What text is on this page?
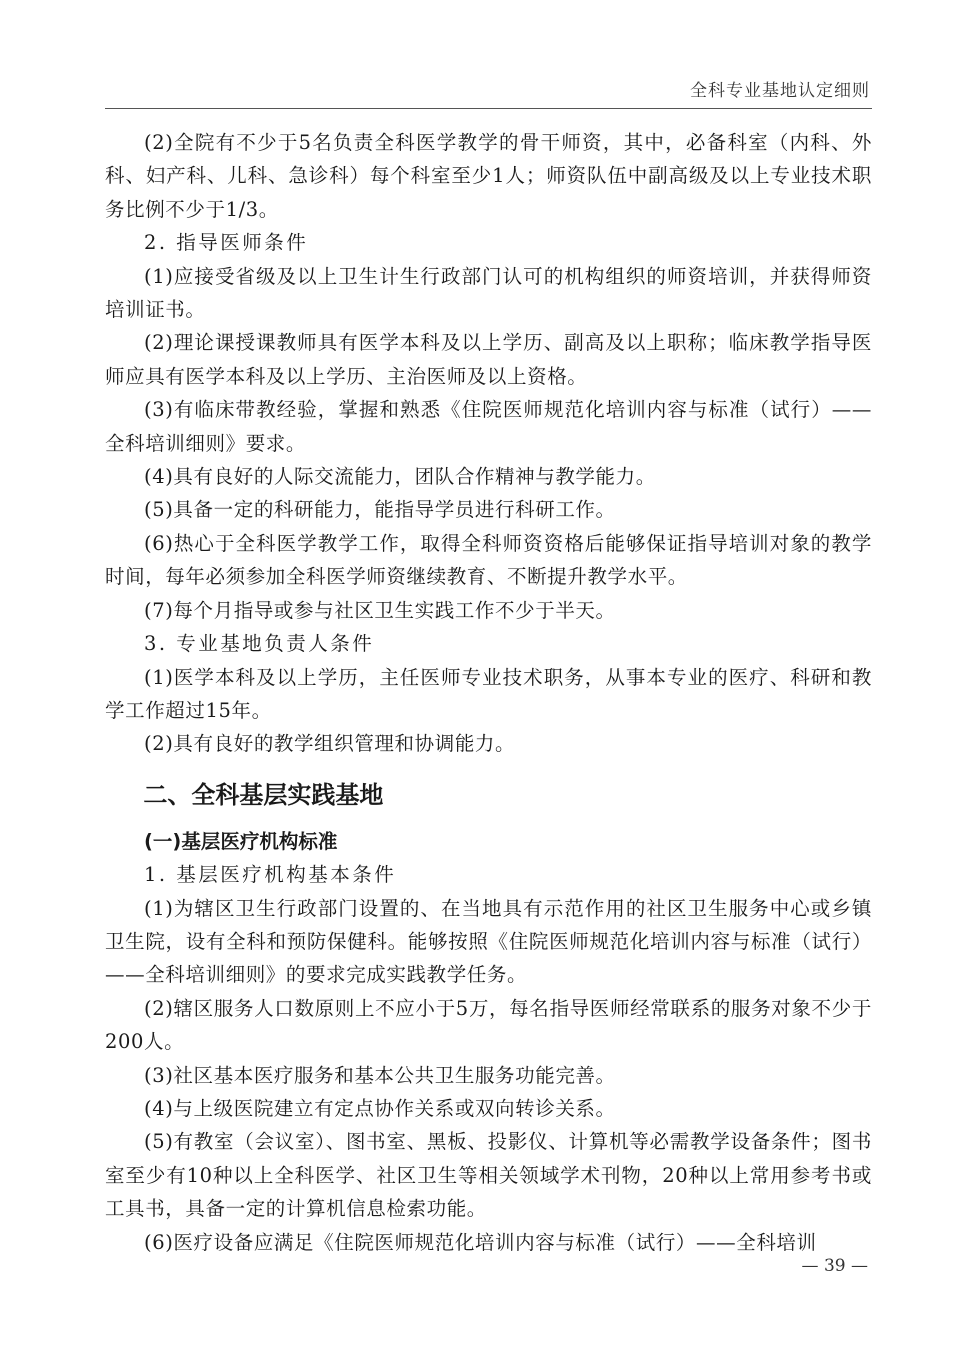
全科专业基地认定细则

(2)全院有不少于5名负责全科医学教学的骨干师资，其中，必备科室（内科、外科、妇产科、儿科、急诊科）每个科室至少1人；师资队伍中副高级及以上专业技术职务比例不少于1/3。

2. 指导医师条件

(1)应接受省级及以上卫生计生行政部门认可的机构组织的师资培训，并获得师资培训证书。

(2)理论课授课教师具有医学本科及以上学历、副高及以上职称；临床教学指导医师应具有医学本科及以上学历、主治医师及以上资格。

(3)有临床带教经验，掌握和熟悉《住院医师规范化培训内容与标准（试行）——全科培训细则》要求。

(4)具有良好的人际交流能力，团队合作精神与教学能力。

(5)具备一定的科研能力，能指导学员进行科研工作。

(6)热心于全科医学教学工作，取得全科师资资格后能够保证指导培训对象的教学时间，每年必须参加全科医学师资继续教育、不断提升教学水平。

(7)每个月指导或参与社区卫生实践工作不少于半天。

3. 专业基地负责人条件

(1)医学本科及以上学历，主任医师专业技术职务，从事本专业的医疗、科研和教学工作超过15年。

(2)具有良好的教学组织管理和协调能力。

二、全科基层实践基地
(一)基层医疗机构标准

1. 基层医疗机构基本条件

(1)为辖区卫生行政部门设置的、在当地具有示范作用的社区卫生服务中心或乡镇卫生院，设有全科和预防保健科。能够按照《住院医师规范化培训内容与标准（试行）——全科培训细则》的要求完成实践教学任务。

(2)辖区服务人口数原则上不应小于5万，每名指导医师经常联系的服务对象不少于200人。

(3)社区基本医疗服务和基本公共卫生服务功能完善。

(4)与上级医院建立有定点协作关系或双向转诊关系。

(5)有教室（会议室）、图书室、黑板、投影仪、计算机等必需教学设备条件；图书室至少有10种以上全科医学、社区卫生等相关领域学术刊物，20种以上常用参考书或工具书，具备一定的计算机信息检索功能。

(6)医疗设备应满足《住院医师规范化培训内容与标准（试行）——全科培训

— 39 —
